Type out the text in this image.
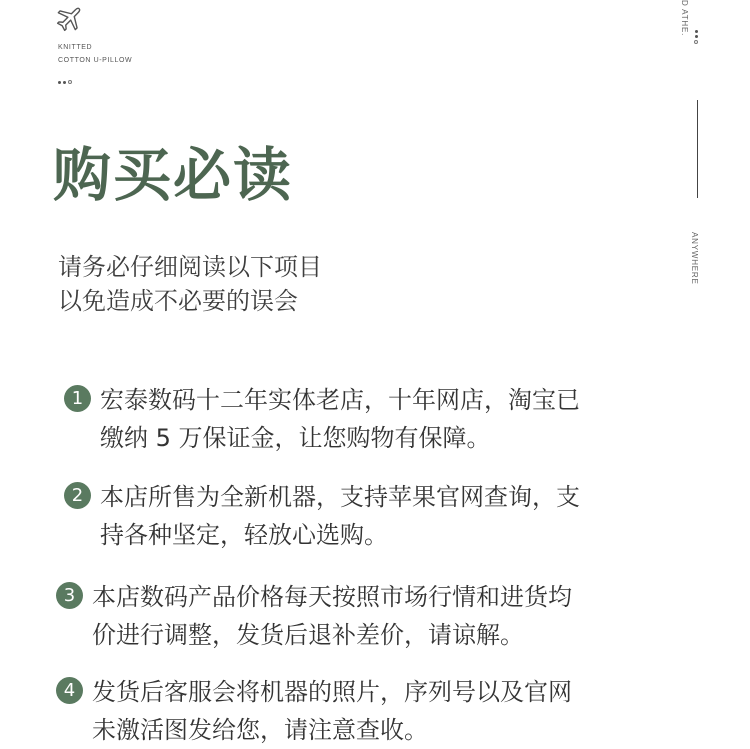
KNITTED
COTTON U-PILLOW
D ATHE.
ANYWHERE
购买必读
请务必仔细阅读以下项目
以免造成不必要的误会
1 宏泰数码十二年实体老店，十年网店，淘宝已
缴纳 5 万保证金，让您购物有保障。
2 本店所售为全新机器，支持苹果官网查询，支
持各种坚定，轻放心选购。
3 本店数码产品价格每天按照市场行情和进货均
价进行调整，发货后退补差价，请谅解。
4 发货后客服会将机器的照片，序列号以及官网
未激活图发给您，请注意查收。
